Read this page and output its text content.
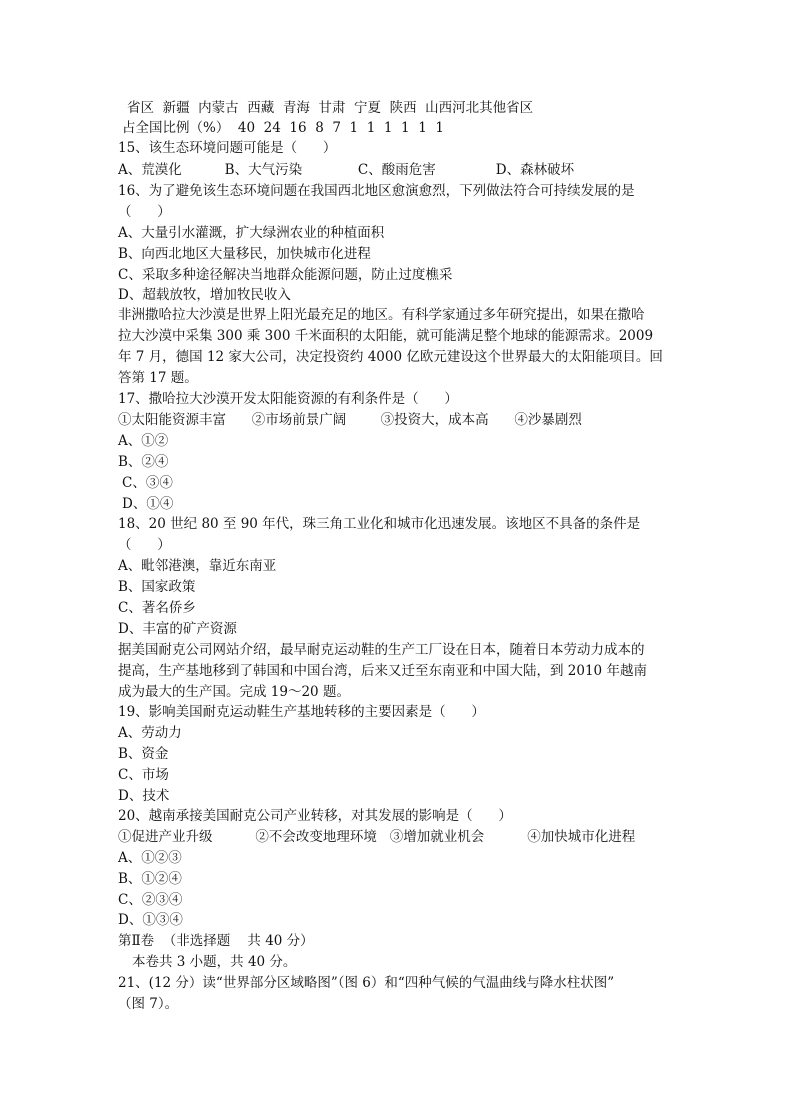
省区  新疆  内蒙古  西藏  青海  甘肃  宁夏  陕西  山西河北其他省区
占全国比例（%）  40  24  16  8  7  1  1  1  1  1  1
15、该生态环境问题可能是（      ）
A、荒漠化          B、大气污染             C、酸雨危害              D、森林破坏
16、为了避免该生态环境问题在我国西北地区愈演愈烈，下列做法符合可持续发展的是
（      ）
A、大量引水灌溉，扩大绿洲农业的种植面积
B、向西北地区大量移民，加快城市化进程
C、采取多种途径解决当地群众能源问题，防止过度樵采
D、超载放牧，增加牧民收入
非洲撒哈拉大沙漠是世界上阳光最充足的地区。有科学家通过多年研究提出，如果在撒哈
拉大沙漠中采集 300 乘 300 千米面积的太阳能，就可能满足整个地球的能源需求。2009
年 7 月，德国 12 家大公司，决定投资约 4000 亿欧元建设这个世界最大的太阳能项目。回
答第 17 题。
17、撒哈拉大沙漠开发太阳能资源的有利条件是（      ）
①太阳能资源丰富      ②市场前景广阔        ③投资大，成本高      ④沙暴剧烈
A、①②
B、②④
C、③④
D、①④
18、20 世纪 80 至 90 年代，珠三角工业化和城市化迅速发展。该地区不具备的条件是
（      ）
A、毗邻港澳，靠近东南亚
B、国家政策
C、著名侨乡
D、丰富的矿产资源
据美国耐克公司网站介绍，最早耐克运动鞋的生产工厂设在日本，随着日本劳动力成本的
提高，生产基地移到了韩国和中国台湾，后来又迁至东南亚和中国大陆，到 2010 年越南
成为最大的生产国。完成 19～20 题。
19、影响美国耐克运动鞋生产基地转移的主要因素是（      ）
A、劳动力
B、资金
C、市场
D、技术
20、越南承接美国耐克公司产业转移，对其发展的影响是（      ）
①促进产业升级          ②不会改变地理环境   ③增加就业机会          ④加快城市化进程
A、①②③
B、①②④
C、②③④
D、①③④
第Ⅱ卷  （非选择题    共 40 分）
本卷共 3 小题，共 40 分。
21、(12 分）读“世界部分区域略图”（图 6）和“四种气候的气温曲线与降水柱状图”
（图 7）。
